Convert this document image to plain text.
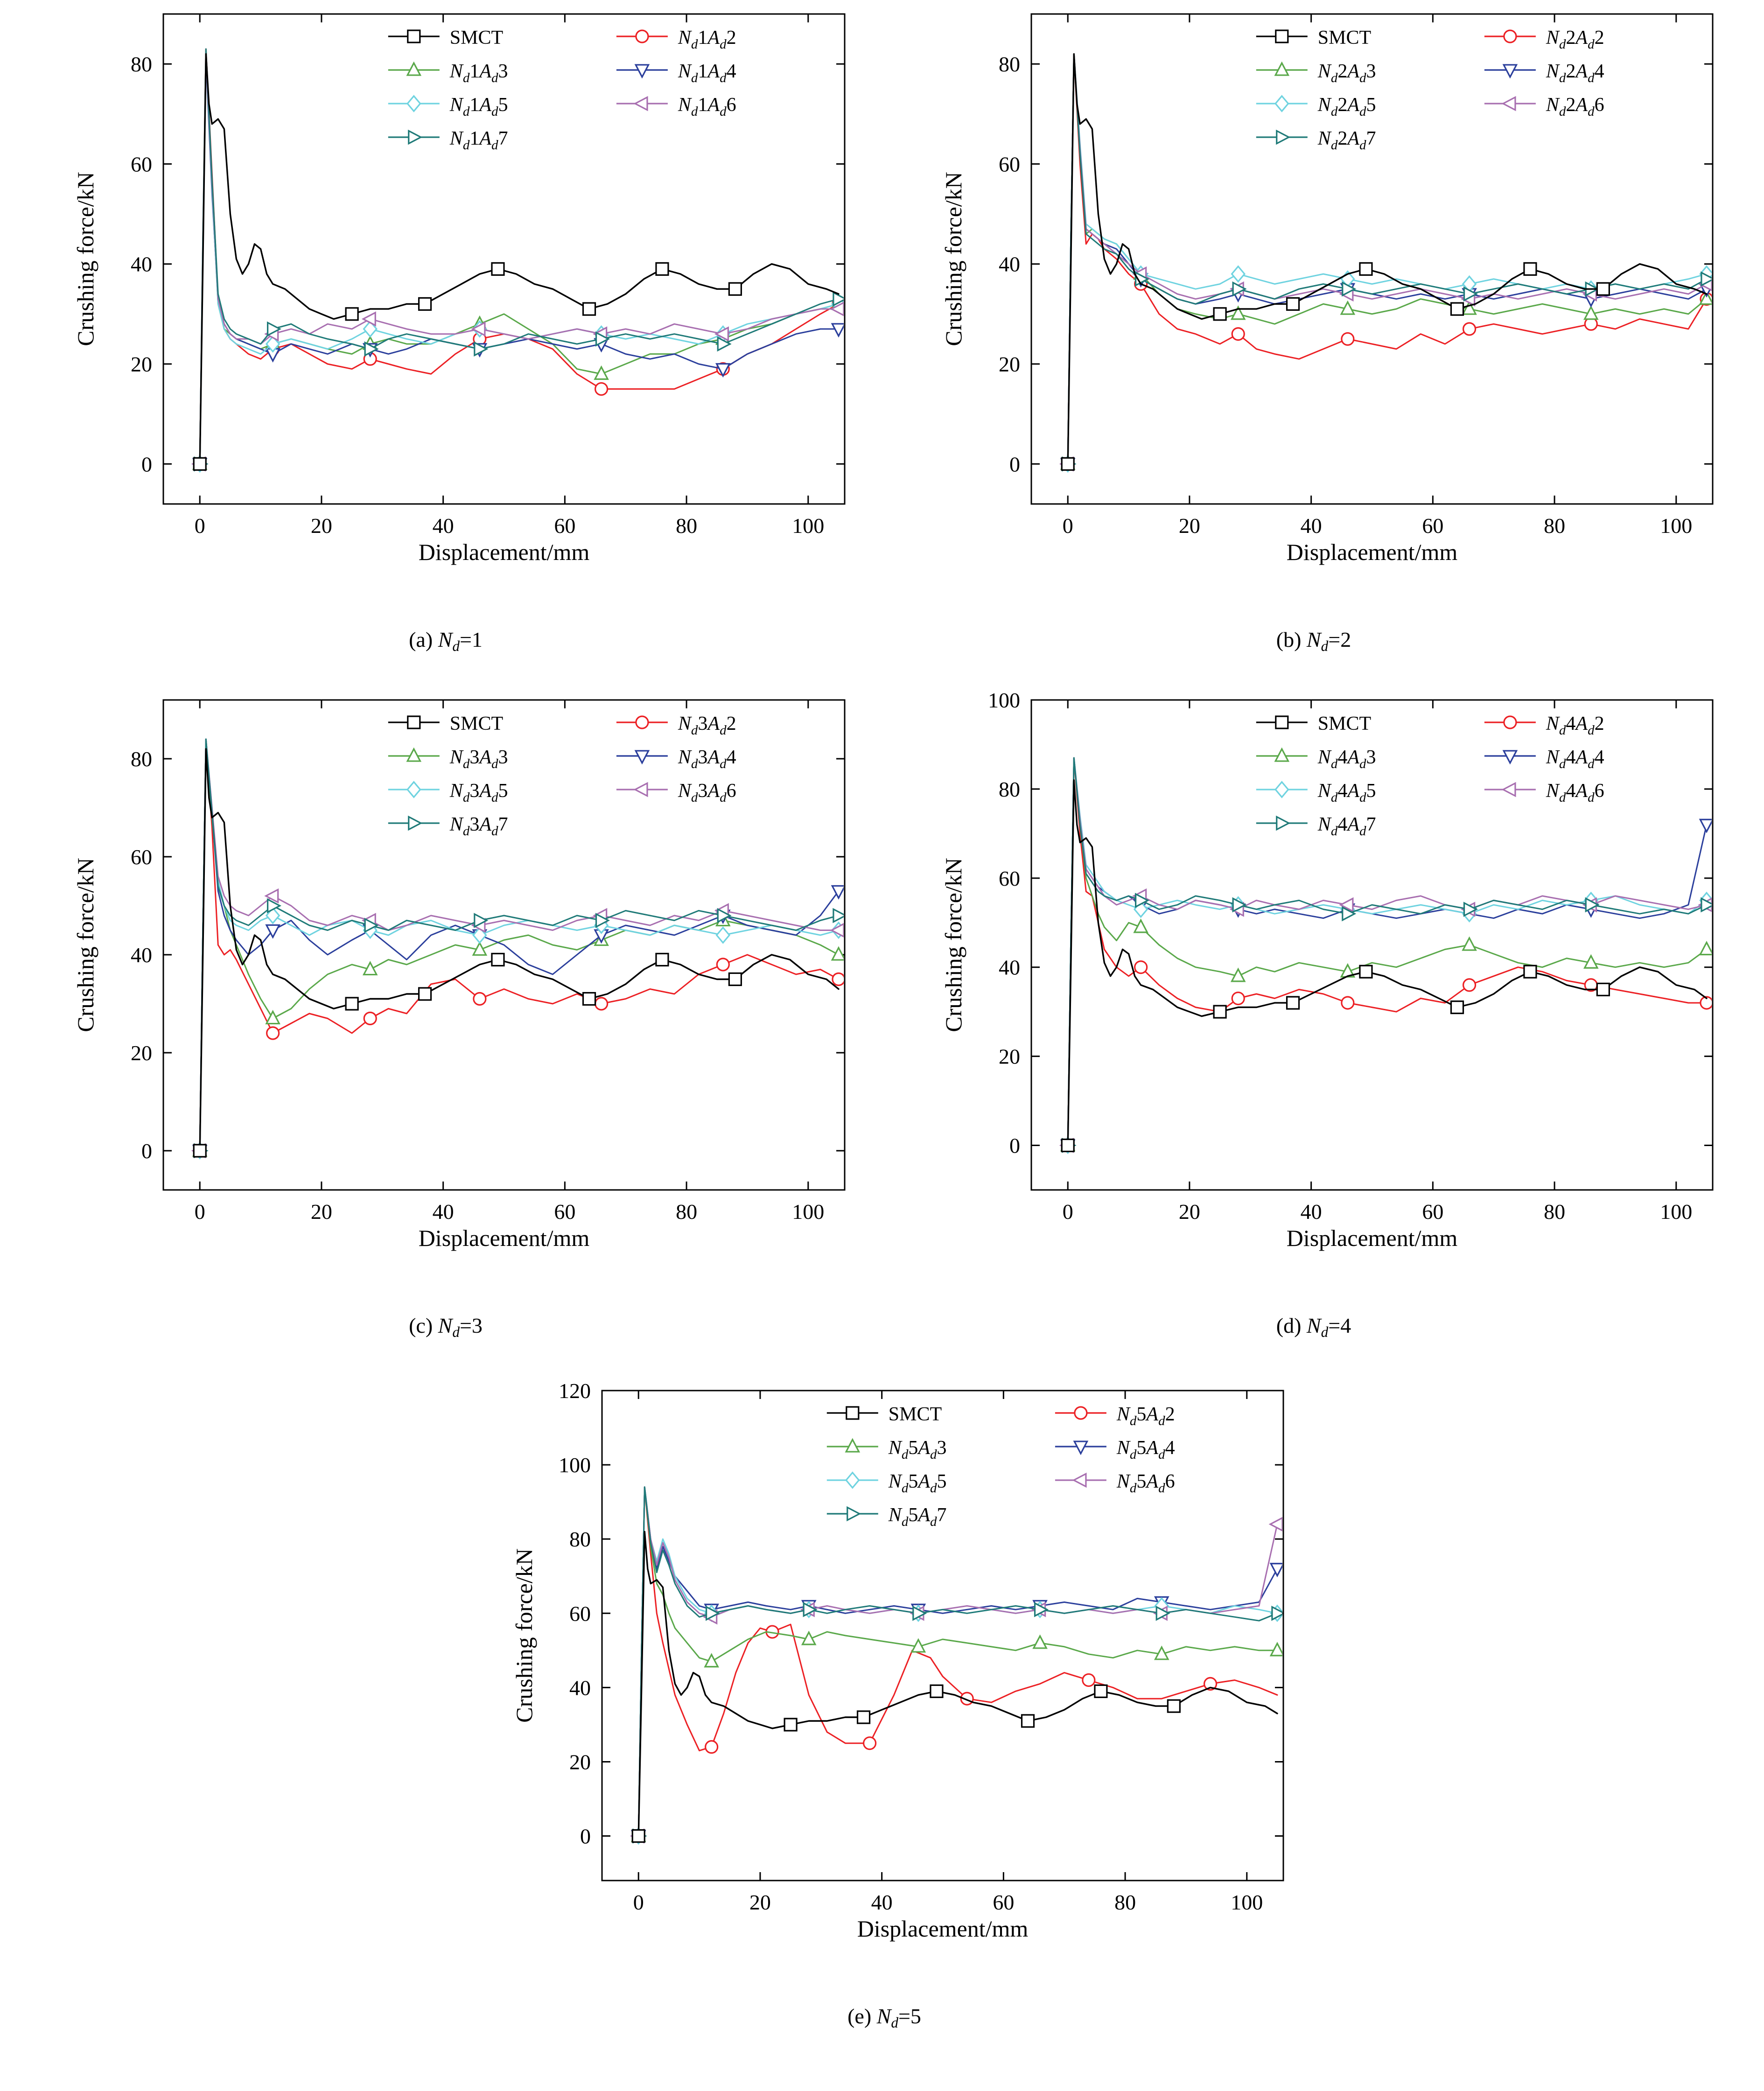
0	20	40	60	80	100
0
20
40
60
80
Displacement/mm
Crushing force/kN
SMCT	$N_d1A_d2$
$N_d1A_d3$	$N_d1A_d4$
$N_d1A_d5$	$N_d1A_d6$
$N_d1A_d7$
(a) $N_d=1$
0	20	40	60	80	100
0
20
40
60
80
Displacement/mm
Crushing force/kN
SMCT	$N_d2A_d2$
$N_d2A_d3$	$N_d2A_d4$
$N_d2A_d5$	$N_d2A_d6$
$N_d2A_d7$
(b) $N_d=2$
0	20	40	60	80	100
0
20
40
60
80
Displacement/mm
Crushing force/kN
SMCT	$N_d3A_d2$
$N_d3A_d3$	$N_d3A_d4$
$N_d3A_d5$	$N_d3A_d6$
$N_d3A_d7$
(c) $N_d=3$
0	20	40	60	80	100
0
20
40
60
80
100
Displacement/mm
Crushing force/kN
SMCT	$N_d4A_d2$
$N_d4A_d3$	$N_d4A_d4$
$N_d4A_d5$	$N_d4A_d6$
$N_d4A_d7$
(d) $N_d=4$
0	20	40	60	80	100
0
20
40
60
80
100
120
Displacement/mm
Crushing force/kN
SMCT	$N_d5A_d2$
$N_d5A_d3$	$N_d5A_d4$
$N_d5A_d5$	$N_d5A_d6$
$N_d5A_d7$
(e) $N_d=5$
